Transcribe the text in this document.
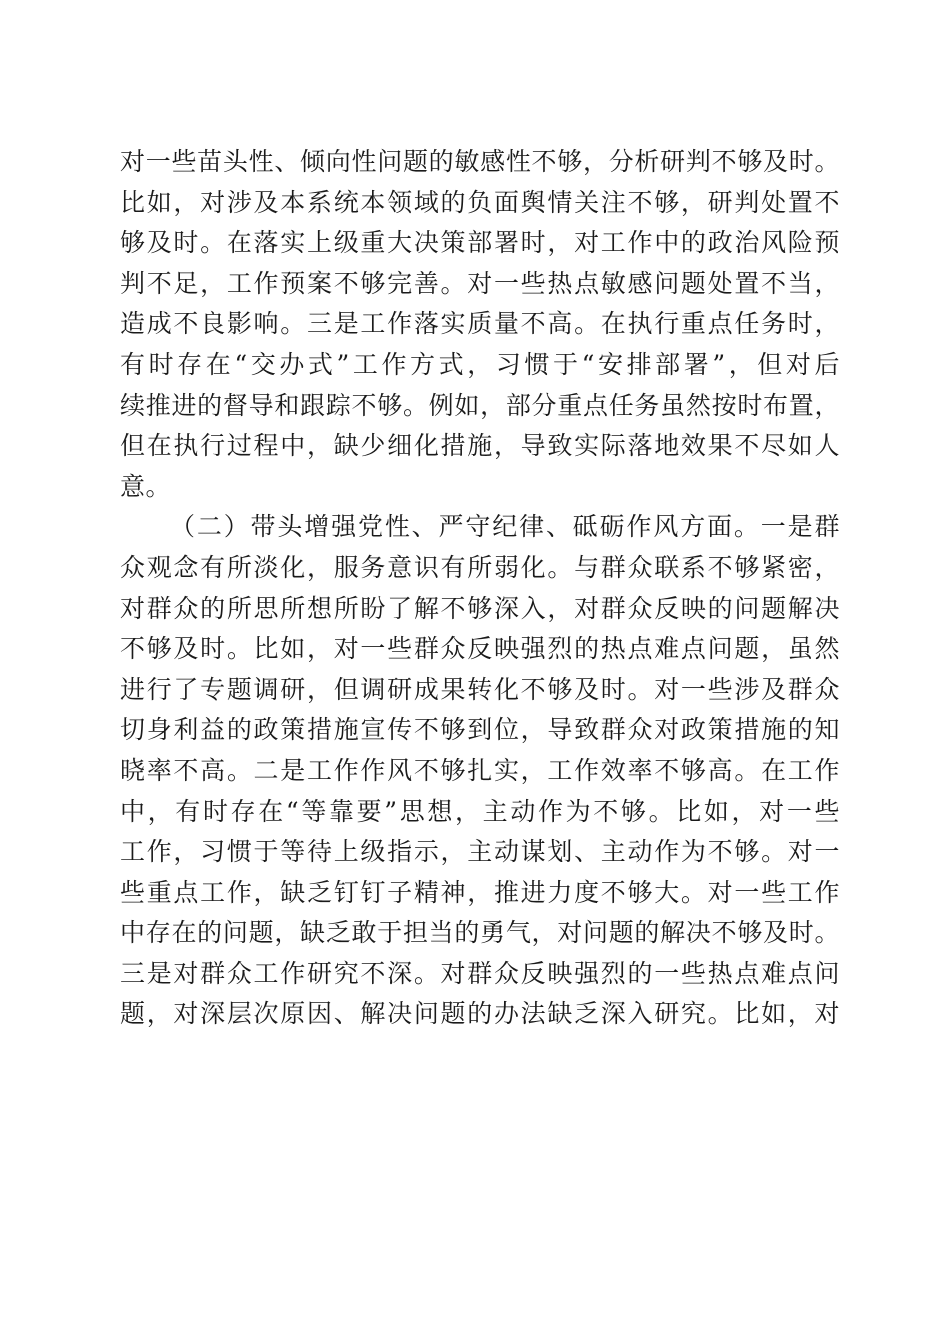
对一些苗头性、倾向性问题的敏感性不够，分析研判不够及时。
比如，对涉及本系统本领域的负面舆情关注不够，研判处置不
够及时。在落实上级重大决策部署时，对工作中的政治风险预
判不足，工作预案不够完善。对一些热点敏感问题处置不当，
造成不良影响。三是工作落实质量不高。在执行重点任务时，
有时存在“交办式”工作方式，习惯于“安排部署”，但对后
续推进的督导和跟踪不够。例如，部分重点任务虽然按时布置，
但在执行过程中，缺少细化措施，导致实际落地效果不尽如人
意。
（二）带头增强党性、严守纪律、砥砺作风方面。一是群
众观念有所淡化，服务意识有所弱化。与群众联系不够紧密，
对群众的所思所想所盼了解不够深入，对群众反映的问题解决
不够及时。比如，对一些群众反映强烈的热点难点问题，虽然
进行了专题调研，但调研成果转化不够及时。对一些涉及群众
切身利益的政策措施宣传不够到位，导致群众对政策措施的知
晓率不高。二是工作作风不够扎实，工作效率不够高。在工作
中，有时存在“等靠要”思想，主动作为不够。比如，对一些
工作，习惯于等待上级指示，主动谋划、主动作为不够。对一
些重点工作，缺乏钉钉子精神，推进力度不够大。对一些工作
中存在的问题，缺乏敢于担当的勇气，对问题的解决不够及时。
三是对群众工作研究不深。对群众反映强烈的一些热点难点问
题，对深层次原因、解决问题的办法缺乏深入研究。比如，对
